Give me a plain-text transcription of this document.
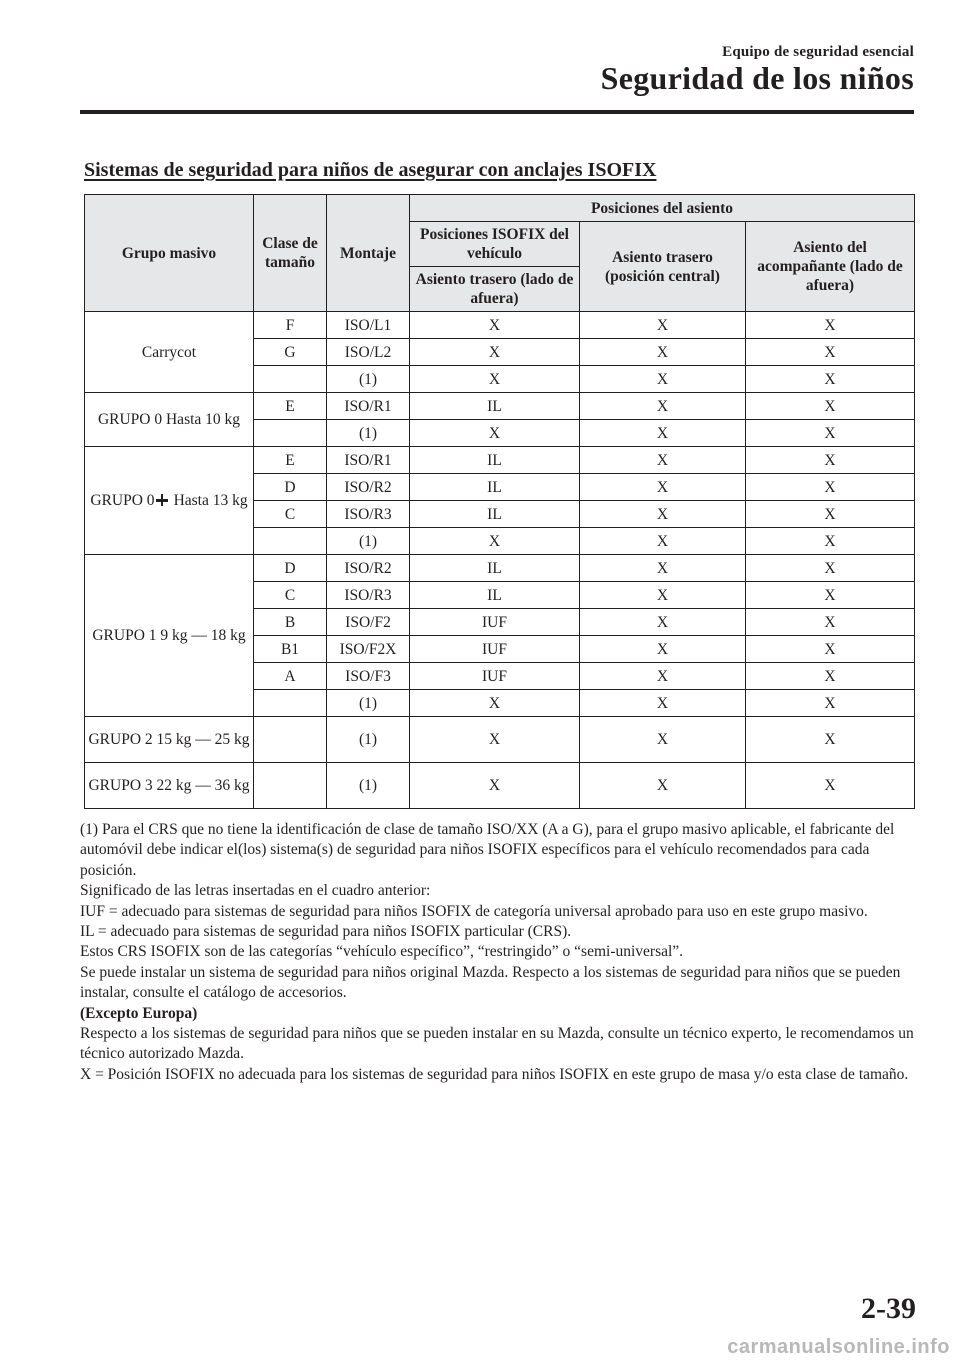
Equipo de seguridad esencial
Seguridad de los niños
Sistemas de seguridad para niños de asegurar con anclajes ISOFIX
Grupo masivo	Clase de tamaño	Montaje	Posiciones del asiento		
			Posiciones ISOFIX del vehículo	Asiento trasero (posición central)	Asiento del acompañante (lado de afuera)
			Asiento trasero (lado de afuera)		
Carrycot	F	ISO/L1	X	X	X
	G	ISO/L2	X	X	X
		(1)	X	X	X
GRUPO 0 Hasta 10 kg	E	ISO/R1	IL	X	X
		(1)	X	X	X
GRUPO 0 Hasta 13 kg	E	ISO/R1	IL	X	X
	D	ISO/R2	IL	X	X
	C	ISO/R3	IL	X	X
		(1)	X	X	X
GRUPO 1 9 kg ― 18 kg	D	ISO/R2	IL	X	X
	C	ISO/R3	IL	X	X
	B	ISO/F2	IUF	X	X
	B1	ISO/F2X	IUF	X	X
	A	ISO/F3	IUF	X	X
		(1)	X	X	X
GRUPO 2 15 kg ― 25 kg		(1)	X	X	X
GRUPO 3 22 kg ― 36 kg		(1)	X	X	X

(1) Para el CRS que no tiene la identificación de clase de tamaño ISO/XX (A a G), para el grupo masivo aplicable, el fabricante del automóvil debe indicar el(los) sistema(s) de seguridad para niños ISOFIX específicos para el vehículo recomendados para cada posición.

Significado de las letras insertadas en el cuadro anterior:

IUF = adecuado para sistemas de seguridad para niños ISOFIX de categoría universal aprobado para uso en este grupo masivo.

IL = adecuado para sistemas de seguridad para niños ISOFIX particular (CRS).

Estos CRS ISOFIX son de las categorías “vehículo específico”, “restringido” o “semi-universal”.

Se puede instalar un sistema de seguridad para niños original Mazda. Respecto a los sistemas de seguridad para niños que se pueden instalar, consulte el catálogo de accesorios.

(Excepto Europa)

Respecto a los sistemas de seguridad para niños que se pueden instalar en su Mazda, consulte un técnico experto, le recomendamos un técnico autorizado Mazda.

X = Posición ISOFIX no adecuada para los sistemas de seguridad para niños ISOFIX en este grupo de masa y/o esta clase de tamaño.

2-39
carmanualsonline.info
